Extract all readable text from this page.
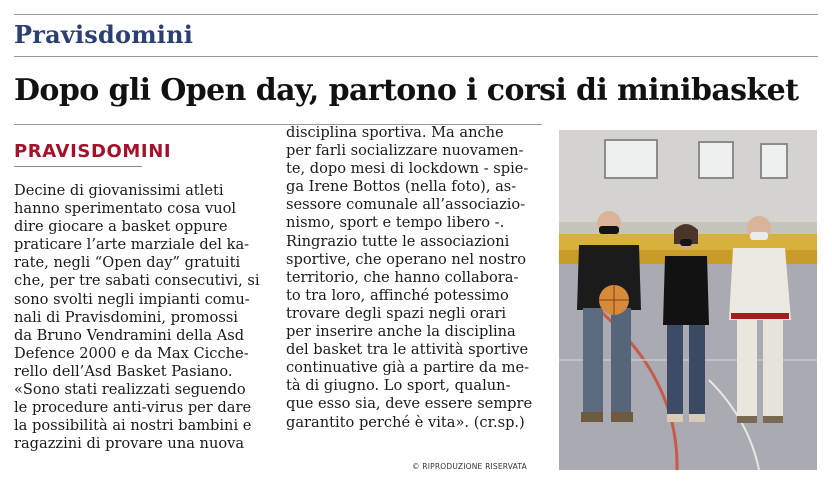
Pravisdomini
Dopo gli Open day, partono i corsi di minibasket
PRAVISDOMINI
Decine di giovanissimi atleti
hanno sperimentato cosa vuol
dire giocare a basket oppure
praticare l’arte marziale del ka-
rate, negli “Open day” gratuiti
che, per tre sabati consecutivi, si
sono svolti negli impianti comu-
nali di Pravisdomini, promossi
da Bruno Vendramini della Asd
Defence 2000 e da Max Cicche-
rello dell’Asd Basket Pasiano.
«Sono stati realizzati seguendo
le procedure anti-virus per dare
la possibilità ai nostri bambini e
ragazzini di provare una nuova
disciplina sportiva. Ma anche
per farli socializzare nuovamen-
te, dopo mesi di lockdown - spie-
ga Irene Bottos (nella foto), as-
sessore comunale all’associazio-
nismo, sport e tempo libero -.
Ringrazio tutte le associazioni
sportive, che operano nel nostro
territorio, che hanno collabora-
to tra loro, affinché potessimo
trovare degli spazi negli orari
per inserire anche la disciplina
del basket tra le attività sportive
continuative già a partire da me-
tà di giugno. Lo sport, qualun-
que esso sia, deve essere sempre
garantito perché è vita». (cr.sp.)
© RIPRODUZIONE RISERVATA
